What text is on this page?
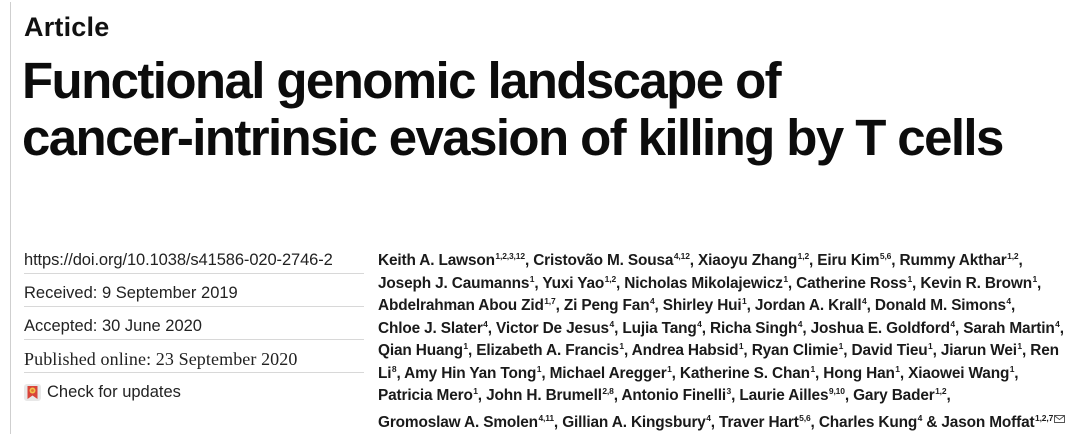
Article
Functional genomic landscape of
cancer-intrinsic evasion of killing by T cells
https://doi.org/10.1038/s41586-020-2746-2
Received: 9 September 2019
Accepted: 30 June 2020
Published online: 23 September 2020
Check for updates
Keith A. Lawson$^{1,2,3,12}$, Cristovão M. Sousa$^{4,12}$, Xiaoyu Zhang$^{1,2}$, Eiru Kim$^{5,6}$, Rummy Akthar$^{1,2}$,
Joseph J. Caumanns$^1$, Yuxi Yao$^{1,2}$, Nicholas Mikolajewicz$^1$, Catherine Ross$^1$, Kevin R. Brown$^1$,
Abdelrahman Abou Zid$^{1,7}$, Zi Peng Fan$^4$, Shirley Hui$^1$, Jordan A. Krall$^4$, Donald M. Simons$^4$,
Chloe J. Slater$^4$, Victor De Jesus$^4$, Lujia Tang$^4$, Richa Singh$^4$, Joshua E. Goldford$^4$, Sarah Martin$^4$,
Qian Huang$^1$, Elizabeth A. Francis$^1$, Andrea Habsid$^1$, Ryan Climie$^1$, David Tieu$^1$, Jiarun Wei$^1$, Ren
Li$^8$, Amy Hin Yan Tong$^1$, Michael Aregger$^1$, Katherine S. Chan$^1$, Hong Han$^1$, Xiaowei Wang$^1$,
Patricia Mero$^1$, John H. Brumell$^{2,8}$, Antonio Finelli$^3$, Laurie Ailles$^{9,10}$, Gary Bader$^{1,2}$,
Gromoslaw A. Smolen$^{4,11}$, Gillian A. Kingsbury$^4$, Traver Hart$^{5,6}$, Charles Kung$^4$ & Jason Moffat$^{1,2,7}$
